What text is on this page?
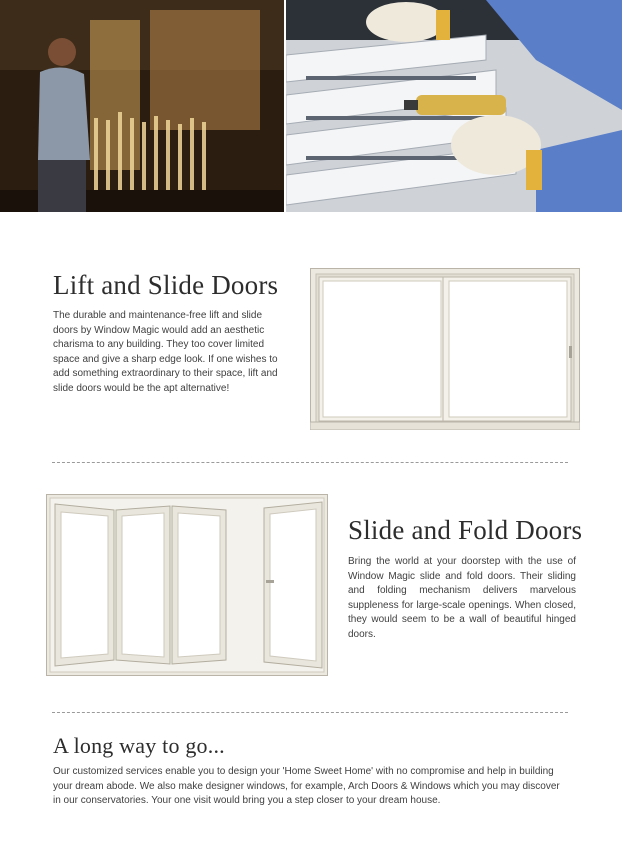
Lift and Slide Doors

The durable and maintenance-free lift and slide doors by Window Magic would add an aesthetic charisma to any building. They too cover limited space and give a sharp edge look. If one wishes to add something extraordinary to their space, lift and slide doors would be the apt alternative!

Slide and Fold Doors

Bring the world at your doorstep with the use of Window Magic slide and fold doors. Their sliding and folding mechanism delivers marvelous suppleness for large-scale openings. When closed, they would seem to be a wall of beautiful hinged doors.

A long way to go...

Our customized services enable you to design your 'Home Sweet Home' with no compromise and help in building your dream abode. We also make designer windows, for example, Arch Doors & Windows which you may discover in our conservatories. Your one visit would bring you a step closer to your dream house.
